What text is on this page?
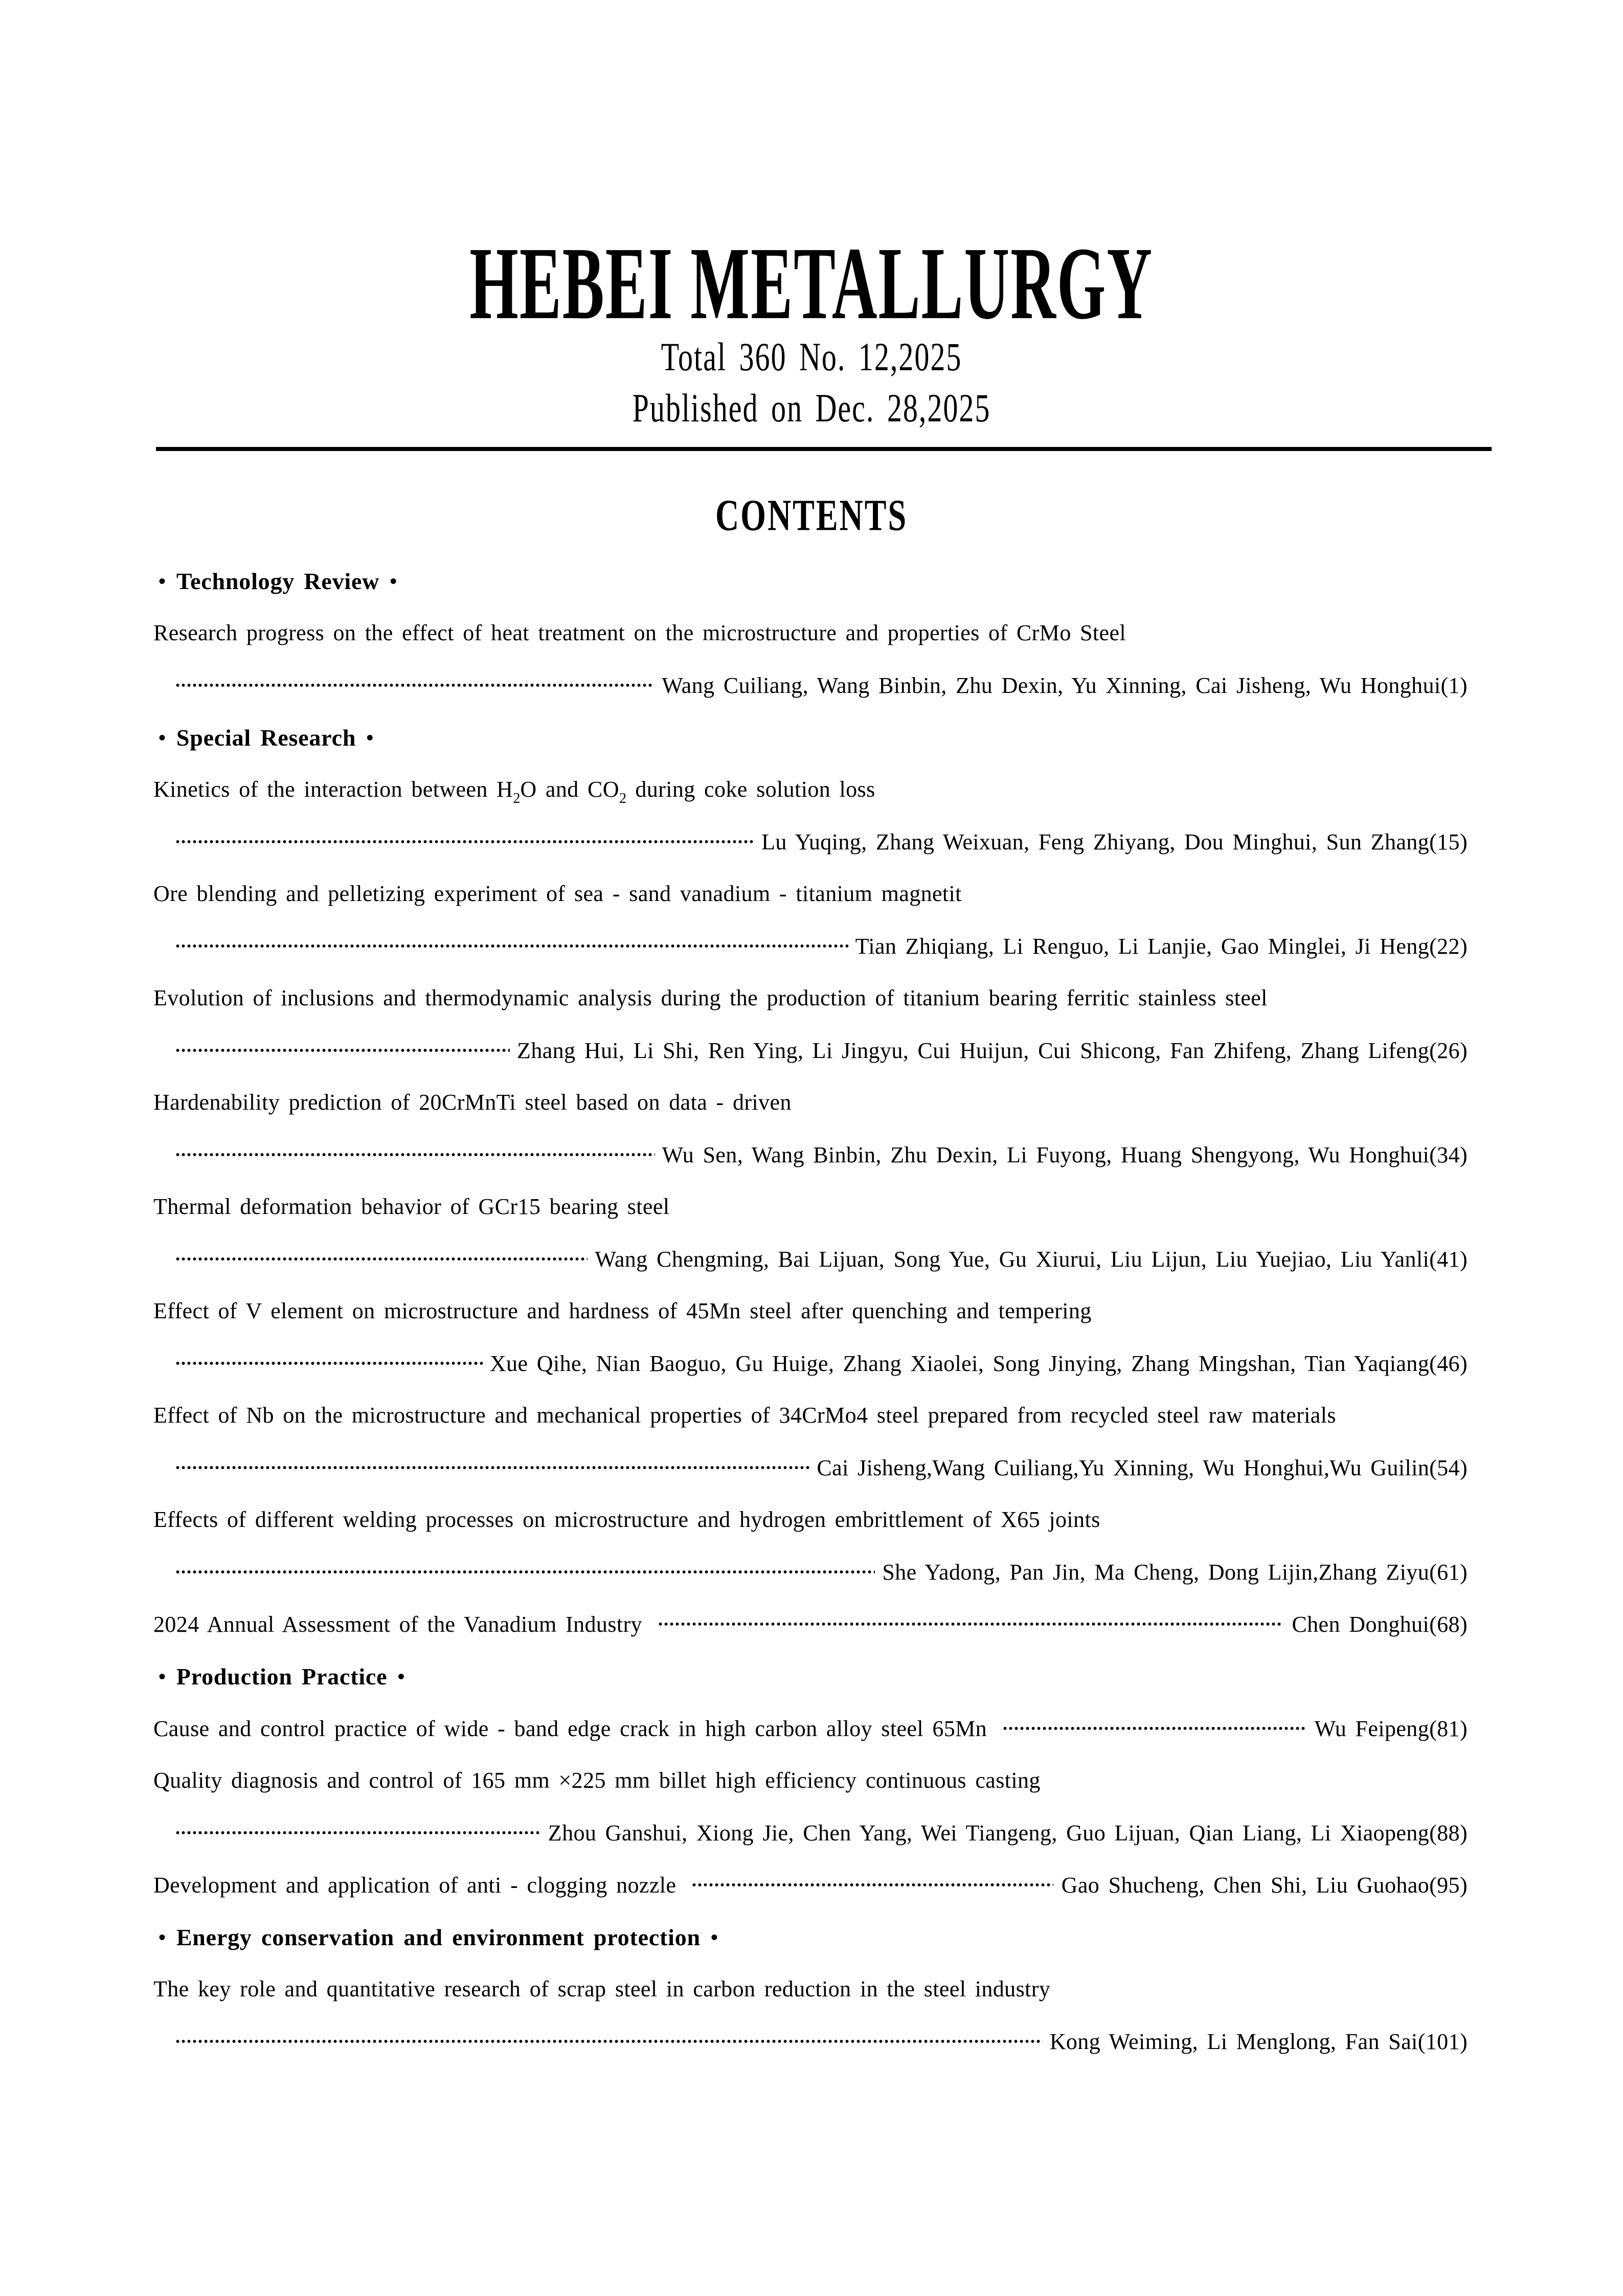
HEBEI METALLURGY
Total 360 No. 12,2025
Published on Dec. 28,2025
CONTENTS
• Technology Review •
Research progress on the effect of heat treatment on the microstructure and properties of CrMo Steel
Wang Cuiliang, Wang Binbin, Zhu Dexin, Yu Xinning, Cai Jisheng, Wu Honghui (1)
• Special Research •
Kinetics of the interaction between $H_2O$ and $CO_2$ during coke solution loss
Lu Yuqing, Zhang Weixuan, Feng Zhiyang, Dou Minghui, Sun Zhang (15)
Ore blending and pelletizing experiment of sea - sand vanadium - titanium magnetit
Tian Zhiqiang, Li Renguo, Li Lanjie, Gao Minglei, Ji Heng (22)
Evolution of inclusions and thermodynamic analysis during the production of titanium bearing ferritic stainless steel
Zhang Hui, Li Shi, Ren Ying, Li Jingyu, Cui Huijun, Cui Shicong, Fan Zhifeng, Zhang Lifeng (26)
Hardenability prediction of 20CrMnTi steel based on data - driven
Wu Sen, Wang Binbin, Zhu Dexin, Li Fuyong, Huang Shengyong, Wu Honghui (34)
Thermal deformation behavior of GCr15 bearing steel
Wang Chengming, Bai Lijuan, Song Yue, Gu Xiurui, Liu Lijun, Liu Yuejiao, Liu Yanli (41)
Effect of V element on microstructure and hardness of 45Mn steel after quenching and tempering
Xue Qihe, Nian Baoguo, Gu Huige, Zhang Xiaolei, Song Jinying, Zhang Mingshan, Tian Yaqiang (46)
Effect of Nb on the microstructure and mechanical properties of 34CrMo4 steel prepared from recycled steel raw materials
Cai Jisheng,Wang Cuiliang,Yu Xinning, Wu Honghui,Wu Guilin (54)
Effects of different welding processes on microstructure and hydrogen embrittlement of X65 joints
She Yadong, Pan Jin, Ma Cheng, Dong Lijin,Zhang Ziyu (61)
2024 Annual Assessment of the Vanadium Industry	Chen Donghui (68)
• Production Practice •
Cause and control practice of wide - band edge crack in high carbon alloy steel 65Mn	Wu Feipeng (81)
Quality diagnosis and control of 165 mm ×225 mm billet high efficiency continuous casting
Zhou Ganshui, Xiong Jie, Chen Yang, Wei Tiangeng, Guo Lijuan, Qian Liang, Li Xiaopeng (88)
Development and application of anti - clogging nozzle	Gao Shucheng, Chen Shi, Liu Guohao (95)
• Energy conservation and environment protection •
The key role and quantitative research of scrap steel in carbon reduction in the steel industry
Kong Weiming, Li Menglong, Fan Sai (101)
